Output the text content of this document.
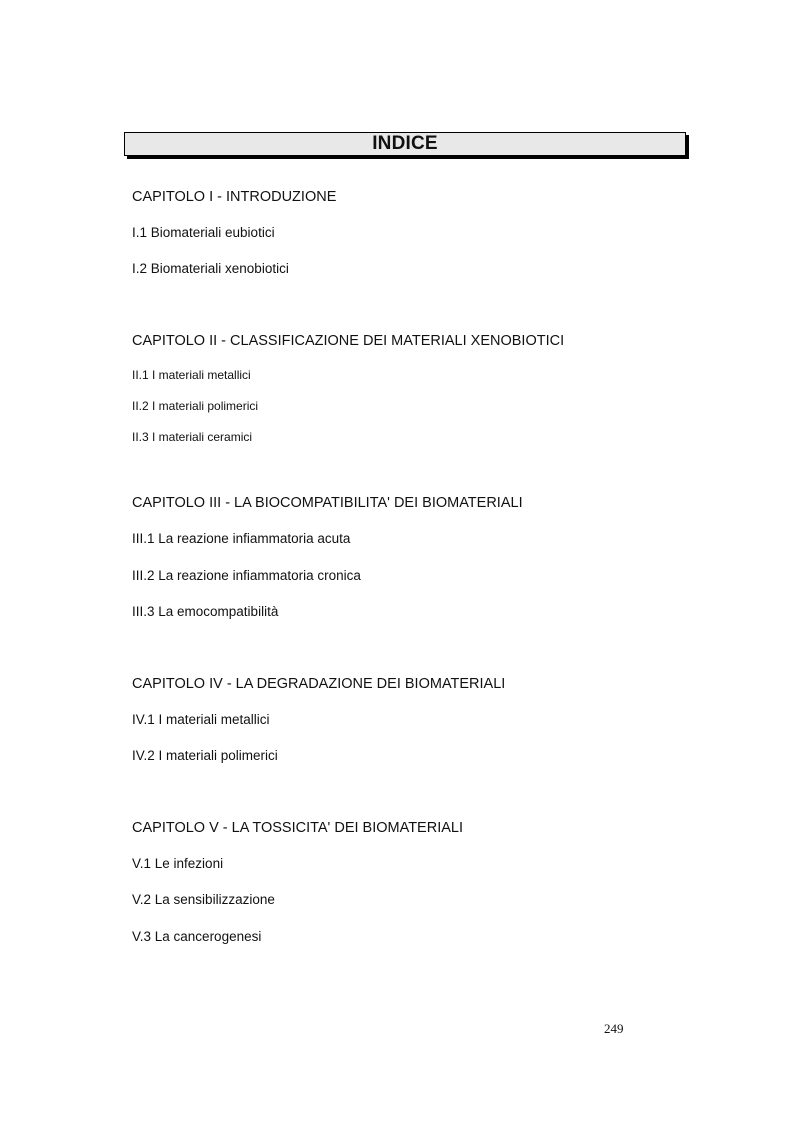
INDICE
CAPITOLO I - INTRODUZIONE
I.1 Biomateriali eubiotici
I.2 Biomateriali xenobiotici
CAPITOLO II - CLASSIFICAZIONE DEI MATERIALI XENOBIOTICI
II.1 I materiali metallici
II.2 I materiali polimerici
II.3 I materiali ceramici
CAPITOLO III - LA BIOCOMPATIBILITA' DEI BIOMATERIALI
III.1 La reazione infiammatoria acuta
III.2 La reazione infiammatoria cronica
III.3 La emocompatibilità
CAPITOLO IV - LA DEGRADAZIONE DEI BIOMATERIALI
IV.1 I materiali metallici
IV.2 I materiali polimerici
CAPITOLO V - LA TOSSICITA' DEI BIOMATERIALI
V.1 Le infezioni
V.2 La sensibilizzazione
V.3 La cancerogenesi
249
